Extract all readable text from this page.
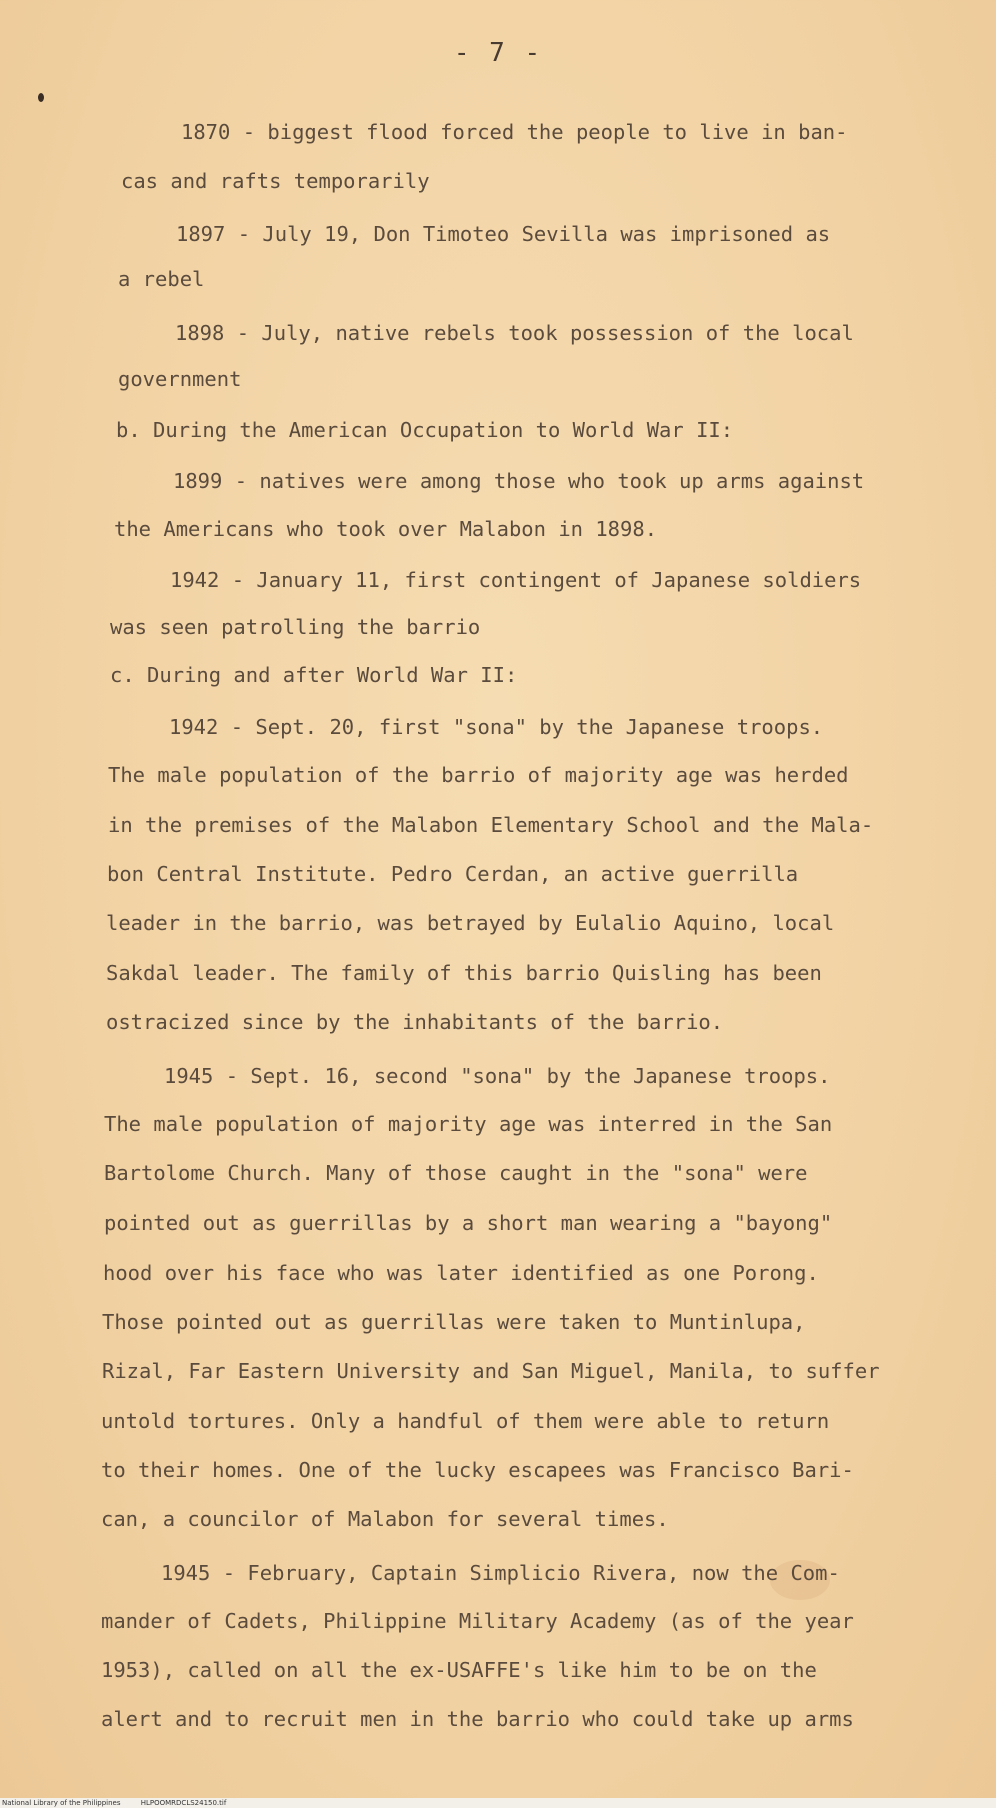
- 7 -
1870 - biggest flood forced the people to live in ban-
cas and rafts temporarily
1897 - July 19, Don Timoteo Sevilla was imprisoned as
a rebel
1898 - July, native rebels took possession of the local
government
b. During the American Occupation to World War II:
1899 - natives were among those who took up arms against
the Americans who took over Malabon in 1898.
1942 - January 11, first contingent of Japanese soldiers
was seen patrolling the barrio
c. During and after World War II:
1942 - Sept. 20, first "sona" by the Japanese troops.
The male population of the barrio of majority age was herded
in the premises of the Malabon Elementary School and the Mala-
bon Central Institute. Pedro Cerdan, an active guerrilla
leader in the barrio, was betrayed by Eulalio Aquino, local
Sakdal leader. The family of this barrio Quisling has been
ostracized since by the inhabitants of the barrio.
1945 - Sept. 16, second "sona" by the Japanese troops.
The male population of majority age was interred in the San
Bartolome Church. Many of those caught in the "sona" were
pointed out as guerrillas by a short man wearing a "bayong"
hood over his face who was later identified as one Porong.
Those pointed out as guerrillas were taken to Muntinlupa,
Rizal, Far Eastern University and San Miguel, Manila, to suffer
untold tortures. Only a handful of them were able to return
to their homes. One of the lucky escapees was Francisco Bari-
can, a councilor of Malabon for several times.
1945 - February, Captain Simplicio Rivera, now the Com-
mander of Cadets, Philippine Military Academy (as of the year
1953), called on all the ex-USAFFE's like him to be on the
alert and to recruit men in the barrio who could take up arms
National Library of the Philippines	HLPOOMRDCLS24150.tif
